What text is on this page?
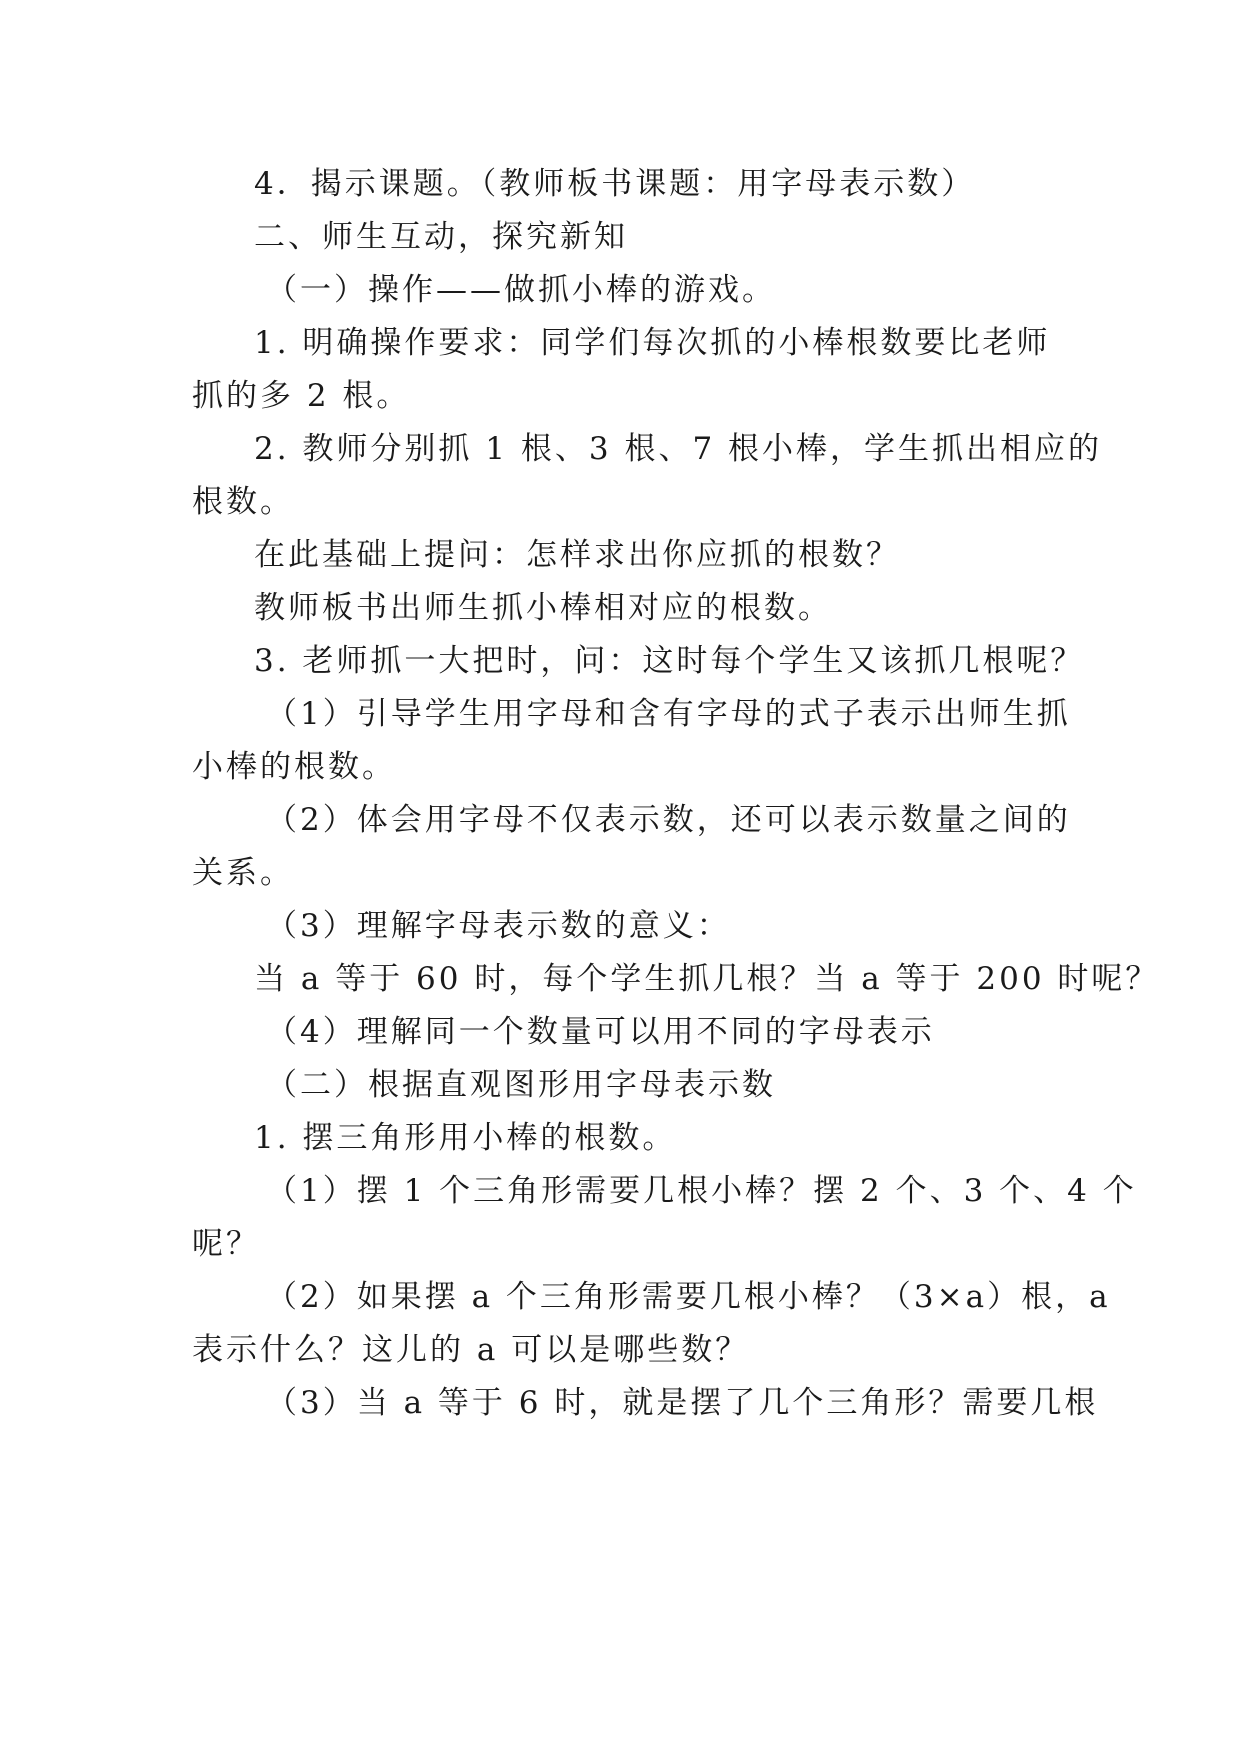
4．揭示课题。（教师板书课题：用字母表示数）
二、师生互动，探究新知
（一）操作——做抓小棒的游戏。
1. 明确操作要求：同学们每次抓的小棒根数要比老师
抓的多 2 根。
2. 教师分别抓 1 根、3 根、7 根小棒，学生抓出相应的
根数。
在此基础上提问：怎样求出你应抓的根数？
教师板书出师生抓小棒相对应的根数。
3. 老师抓一大把时，问：这时每个学生又该抓几根呢？
（1）引导学生用字母和含有字母的式子表示出师生抓
小棒的根数。
（2）体会用字母不仅表示数，还可以表示数量之间的
关系。
（3）理解字母表示数的意义：
当 a 等于 60 时，每个学生抓几根？当 a 等于 200 时呢？
（4）理解同一个数量可以用不同的字母表示
（二）根据直观图形用字母表示数
1. 摆三角形用小棒的根数。
（1）摆 1 个三角形需要几根小棒？摆 2 个、3 个、4 个
呢？
（2）如果摆 a 个三角形需要几根小棒？（3×a）根，a
表示什么？这儿的 a 可以是哪些数？
（3）当 a 等于 6 时，就是摆了几个三角形？需要几根
